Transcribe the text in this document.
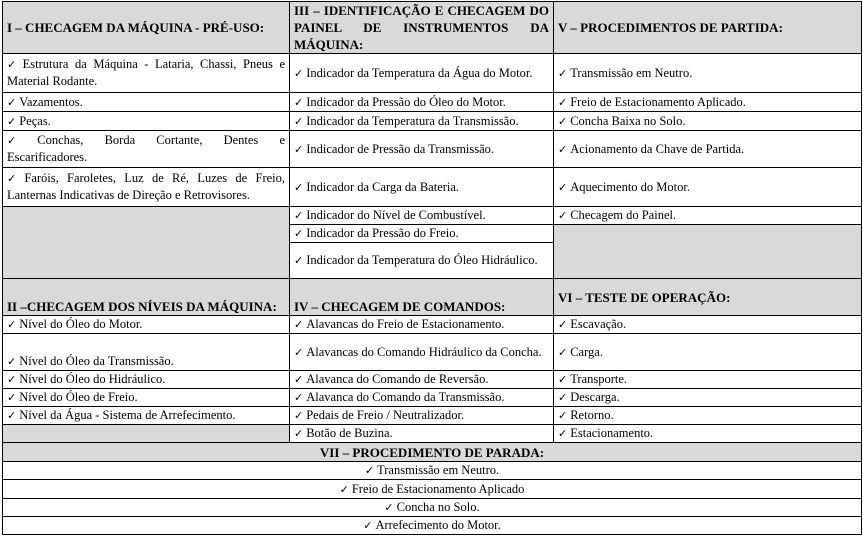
I – CHECAGEM DA MÁQUINA - PRÉ-USO:	III – IDENTIFICAÇÃO E CHECAGEM DO
PAINEL DE INSTRUMENTOS DA
MÁQUINA:	V – PROCEDIMENTOS DE PARTIDA:

✓ Estrutura da Máquina - Lataria, Chassi, Pneus e
Material Rodante.	✓ Indicador da Temperatura da Água do Motor.	✓ Transmissão em Neutro.
✓ Vazamentos.	✓ Indicador da Pressão do Óleo do Motor.	✓ Freio de Estacionamento Aplicado.
✓ Peças.	✓ Indicador da Temperatura da Transmissão.	✓ Concha Baixa no Solo.

✓ Conchas, Borda Cortante, Dentes e
Escarificadores.	✓ Indicador de Pressão da Transmissão.	✓ Acionamento da Chave de Partida.

✓ Faróis, Faroletes, Luz de Ré, Luzes de Freio,
Lanternas Indicativas de Direção e Retrovisores.	✓ Indicador da Carga da Bateria.	✓ Aquecimento do Motor.
	✓ Indicador do Nível de Combustível.	✓ Checagem do Painel.
	✓ Indicador da Pressão do Freio.	
	✓ Indicador da Temperatura do Óleo Hidráulico.	
II –CHECAGEM DOS NÍVEIS DA MÁQUINA:	IV – CHECAGEM DE COMANDOS:	VI – TESTE DE OPERAÇÃO:
✓ Nível do Óleo do Motor.	✓ Alavancas do Freio de Estacionamento.	✓ Escavação.
✓ Nível do Óleo da Transmissão.	✓ Alavancas do Comando Hidráulico da Concha.	✓ Carga.
✓ Nível do Óleo do Hidráulico.	✓ Alavanca do Comando de Reversão.	✓ Transporte.
✓ Nível do Óleo de Freio.	✓ Alavanca do Comando da Transmissão.	✓ Descarga.
✓ Nível da Água - Sistema de Arrefecimento.	✓ Pedais de Freio / Neutralizador.	✓ Retorno.
	✓ Botão de Buzina.	✓ Estacionamento.
VII – PROCEDIMENTO DE PARADA:		
✓ Transmissão em Neutro.		
✓ Freio de Estacionamento Aplicado		
✓ Concha no Solo.		
✓ Arrefecimento do Motor.		
